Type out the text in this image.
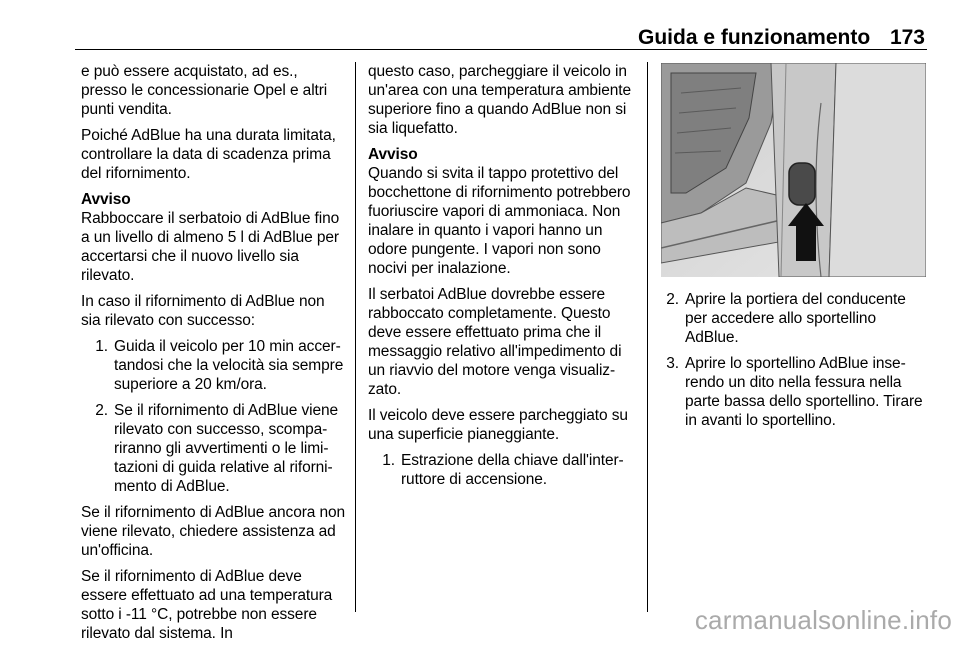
Guida e funzionamento 173

e può essere acquistato, ad es., presso le concessionarie Opel e altri punti vendita.

Poiché AdBlue ha una durata limitata, controllare la data di scadenza prima del rifornimento.

Avviso

Rabboccare il serbatoio di AdBlue fino a un livello di almeno 5 l di AdBlue per accertarsi che il nuovo livello sia rilevato.

In caso il rifornimento di AdBlue non sia rilevato con successo:

1. Guida il veicolo per 10 min accertandosi che la velocità sia sempre superiore a 20 km/ora.
2. Se il rifornimento di AdBlue viene rilevato con successo, scompariranno gli avvertimenti o le limitazioni di guida relative al rifornimento di AdBlue.

Se il rifornimento di AdBlue ancora non viene rilevato, chiedere assistenza ad un'officina.

Se il rifornimento di AdBlue deve essere effettuato ad una temperatura sotto i -11 °C, potrebbe non essere rilevato dal sistema. In

questo caso, parcheggiare il veicolo in un'area con una temperatura ambiente superiore fino a quando AdBlue non si sia liquefatto.

Avviso

Quando si svita il tappo protettivo del bocchettone di rifornimento potrebbero fuoriuscire vapori di ammoniaca. Non inalare in quanto i vapori hanno un odore pungente. I vapori non sono nocivi per inalazione.

Il serbatoi AdBlue dovrebbe essere rabboccato completamente. Questo deve essere effettuato prima che il messaggio relativo all'impedimento di un riavvio del motore venga visualizzato.

Il veicolo deve essere parcheggiato su una superficie pianeggiante.

1. Estrazione della chiave dall'interruttore di accensione.
2. Aprire la portiera del conducente per accedere allo sportellino AdBlue.
3. Aprire lo sportellino AdBlue inserendo un dito nella fessura nella parte bassa dello sportellino. Tirare in avanti lo sportellino.
carmanualsonline.info
